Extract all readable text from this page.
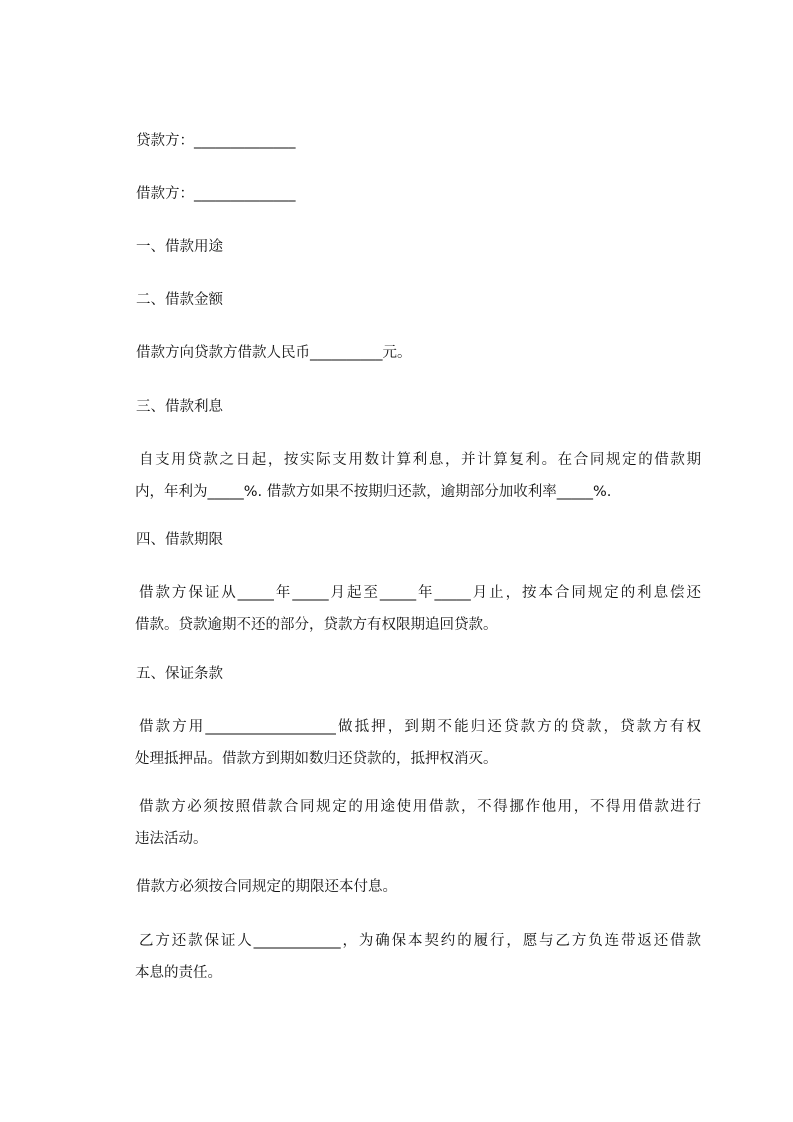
贷款方：______________
借款方：______________
一、借款用途
二、借款金额
借款方向贷款方借款人民币__________元。
三、借款利息
自支用贷款之日起，按实际支用数计算利息，并计算复利。在合同规定的借款期
内，年利为_____%. 借款方如果不按期归还款，逾期部分加收利率_____%.
四、借款期限
借款方保证从_____年_____月起至_____年_____月止，按本合同规定的利息偿还
借款。贷款逾期不还的部分，贷款方有权限期追回贷款。
五、保证条款
借款方用__________________做抵押，到期不能归还贷款方的贷款，贷款方有权
处理抵押品。借款方到期如数归还贷款的，抵押权消灭。
借款方必须按照借款合同规定的用途使用借款，不得挪作他用，不得用借款进行
违法活动。
借款方必须按合同规定的期限还本付息。
乙方还款保证人____________，为确保本契约的履行，愿与乙方负连带返还借款
本息的责任。
